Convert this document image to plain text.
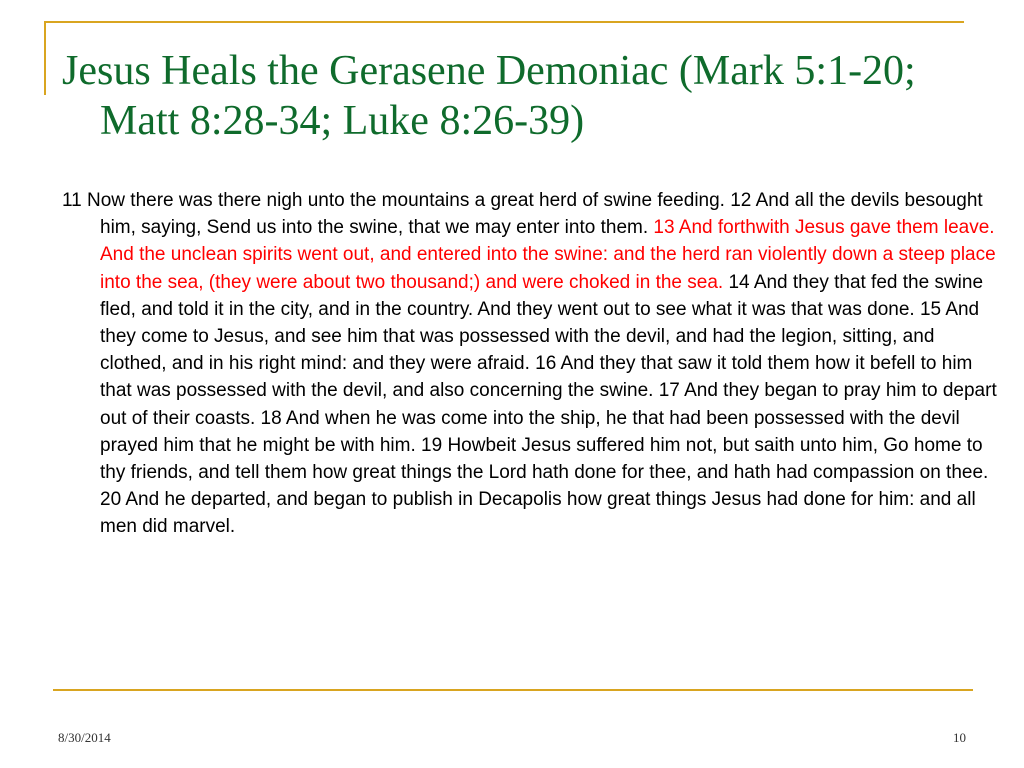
Jesus Heals the Gerasene Demoniac (Mark 5:1-20; Matt 8:28-34; Luke 8:26-39)

11 Now there was there nigh unto the mountains a great herd of swine feeding. 12 And all the devils besought him, saying, Send us into the swine, that we may enter into them. 13 And forthwith Jesus gave them leave. And the unclean spirits went out, and entered into the swine: and the herd ran violently down a steep place into the sea, (they were about two thousand;) and were choked in the sea. 14 And they that fed the swine fled, and told it in the city, and in the country. And they went out to see what it was that was done. 15 And they come to Jesus, and see him that was possessed with the devil, and had the legion, sitting, and clothed, and in his right mind: and they were afraid. 16 And they that saw it told them how it befell to him that was possessed with the devil, and also concerning the swine. 17 And they began to pray him to depart out of their coasts. 18 And when he was come into the ship, he that had been possessed with the devil prayed him that he might be with him. 19 Howbeit Jesus suffered him not, but saith unto him, Go home to thy friends, and tell them how great things the Lord hath done for thee, and hath had compassion on thee. 20 And he departed, and began to publish in Decapolis how great things Jesus had done for him: and all men did marvel.

8/30/2014	10
